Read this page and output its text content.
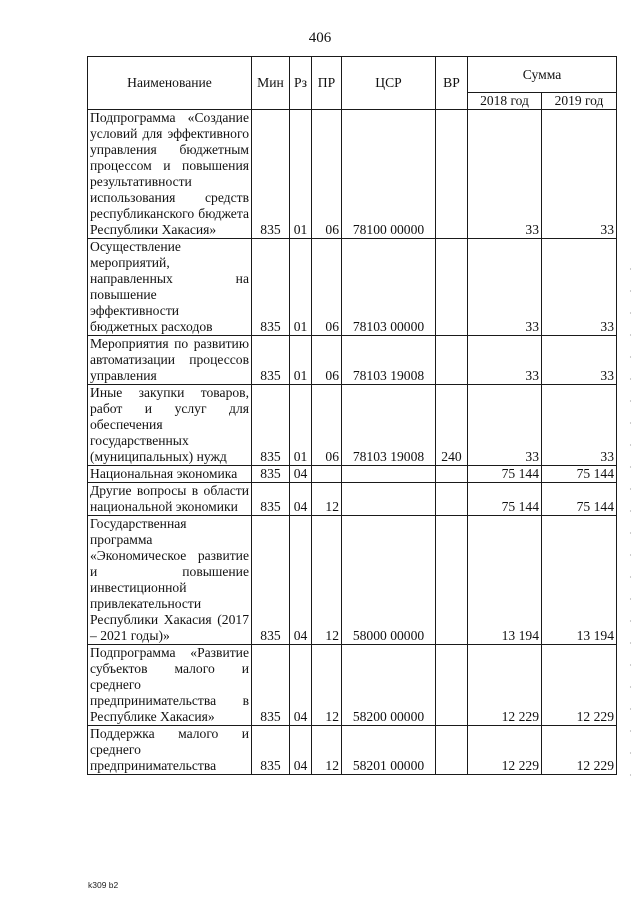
406
Наименование	Мин	Рз	ПР	ЦСР	ВР	Сумма	
						2018 год	2019 год
Подпрограмма «Создание условий для эффективного управления бюджетным процессом и повышения результативности использования средств республиканского бюджета Республики Хакасия»	835	01	06	78100 00000		33	33
Осуществление мероприятий, направленных на повышение эффективности бюджетных расходов	835	01	06	78103 00000		33	33
Мероприятия по развитию автоматизации процессов управления	835	01	06	78103 19008		33	33
Иные закупки товаров, работ и услуг для обеспечения государственных (муниципальных) нужд	835	01	06	78103 19008	240	33	33
Национальная экономика	835	04				75 144	75 144
Другие вопросы в области национальной экономики	835	04	12			75 144	75 144
Государственная программа «Экономическое развитие и повышение инвестиционной привлекательности Республики Хакасия (2017 – 2021 годы)»	835	04	12	58000 00000		13 194	13 194
Подпрограмма «Развитие субъектов малого и среднего предпринимательства в Республике Хакасия»	835	04	12	58200 00000		12 229	12 229
Поддержка малого и среднего предпринимательства	835	04	12	58201 00000		12 229	12 229
k309 b2
